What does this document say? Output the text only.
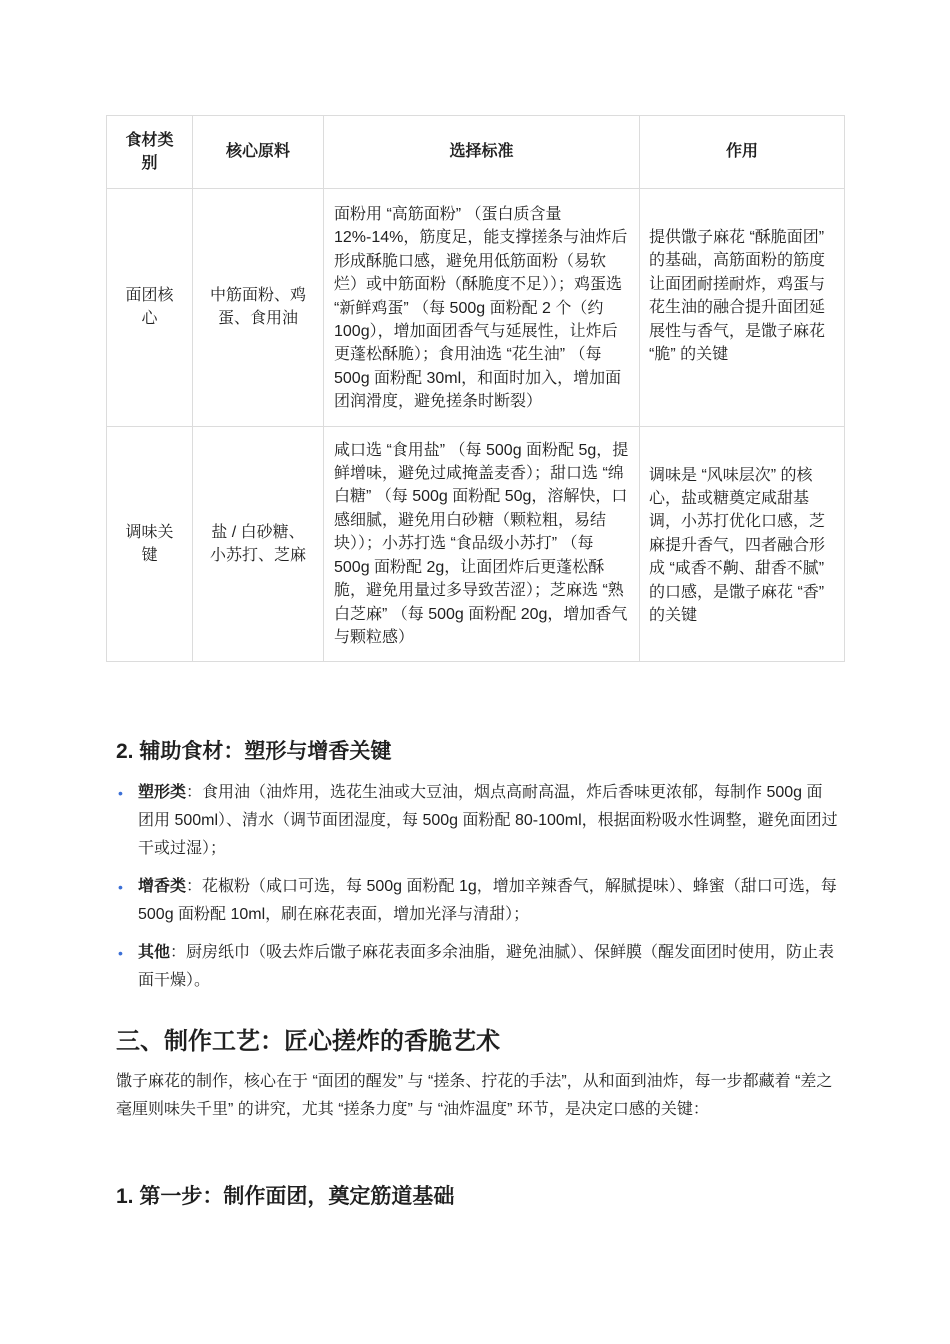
食材类别	核心原料	选择标准	作用
面团核心	中筋面粉、鸡蛋、食用油	面粉用 “高筋面粉” （蛋白质含量 12%-14%，筋度足，能支撑搓条与油炸后形成酥脆口感，避免用低筋面粉（易软烂）或中筋面粉（酥脆度不足））；鸡蛋选 “新鲜鸡蛋” （每 500g 面粉配 2 个（约 100g），增加面团香气与延展性，让炸后更蓬松酥脆）；食用油选 “花生油” （每 500g 面粉配 30ml，和面时加入，增加面团润滑度，避免搓条时断裂）	提供馓子麻花 “酥脆面团” 的基础，高筋面粉的筋度让面团耐搓耐炸，鸡蛋与花生油的融合提升面团延展性与香气，是馓子麻花 “脆” 的关键
调味关键	盐 / 白砂糖、小苏打、芝麻	咸口选 “食用盐” （每 500g 面粉配 5g，提鲜增味，避免过咸掩盖麦香）；甜口选 “绵白糖” （每 500g 面粉配 50g，溶解快，口感细腻，避免用白砂糖（颗粒粗，易结块））；小苏打选 “食品级小苏打” （每 500g 面粉配 2g，让面团炸后更蓬松酥脆，避免用量过多导致苦涩）；芝麻选 “熟白芝麻” （每 500g 面粉配 20g，增加香气与颗粒感）	调味是 “风味层次” 的核心，盐或糖奠定咸甜基调，小苏打优化口感，芝麻提升香气，四者融合形成 “咸香不齁、甜香不腻” 的口感，是馓子麻花 “香” 的关键
2. 辅助食材：塑形与增香关键
• 塑形类：食用油（油炸用，选花生油或大豆油，烟点高耐高温，炸后香味更浓郁，每制作 500g 面团用 500ml）、清水（调节面团湿度，每 500g 面粉配 80-100ml，根据面粉吸水性调整，避免面团过干或过湿）；
• 增香类：花椒粉（咸口可选，每 500g 面粉配 1g，增加辛辣香气，解腻提味）、蜂蜜（甜口可选，每 500g 面粉配 10ml，刷在麻花表面，增加光泽与清甜）；
• 其他：厨房纸巾（吸去炸后馓子麻花表面多余油脂，避免油腻）、保鲜膜（醒发面团时使用，防止表面干燥）。
三、制作工艺：匠心搓炸的香脆艺术

馓子麻花的制作，核心在于 “面团的醒发” 与 “搓条、拧花的手法”，从和面到油炸，每一步都藏着 “差之毫厘则味失千里” 的讲究，尤其 “搓条力度” 与 “油炸温度” 环节，是决定口感的关键：

1. 第一步：制作面团，奠定筋道基础
